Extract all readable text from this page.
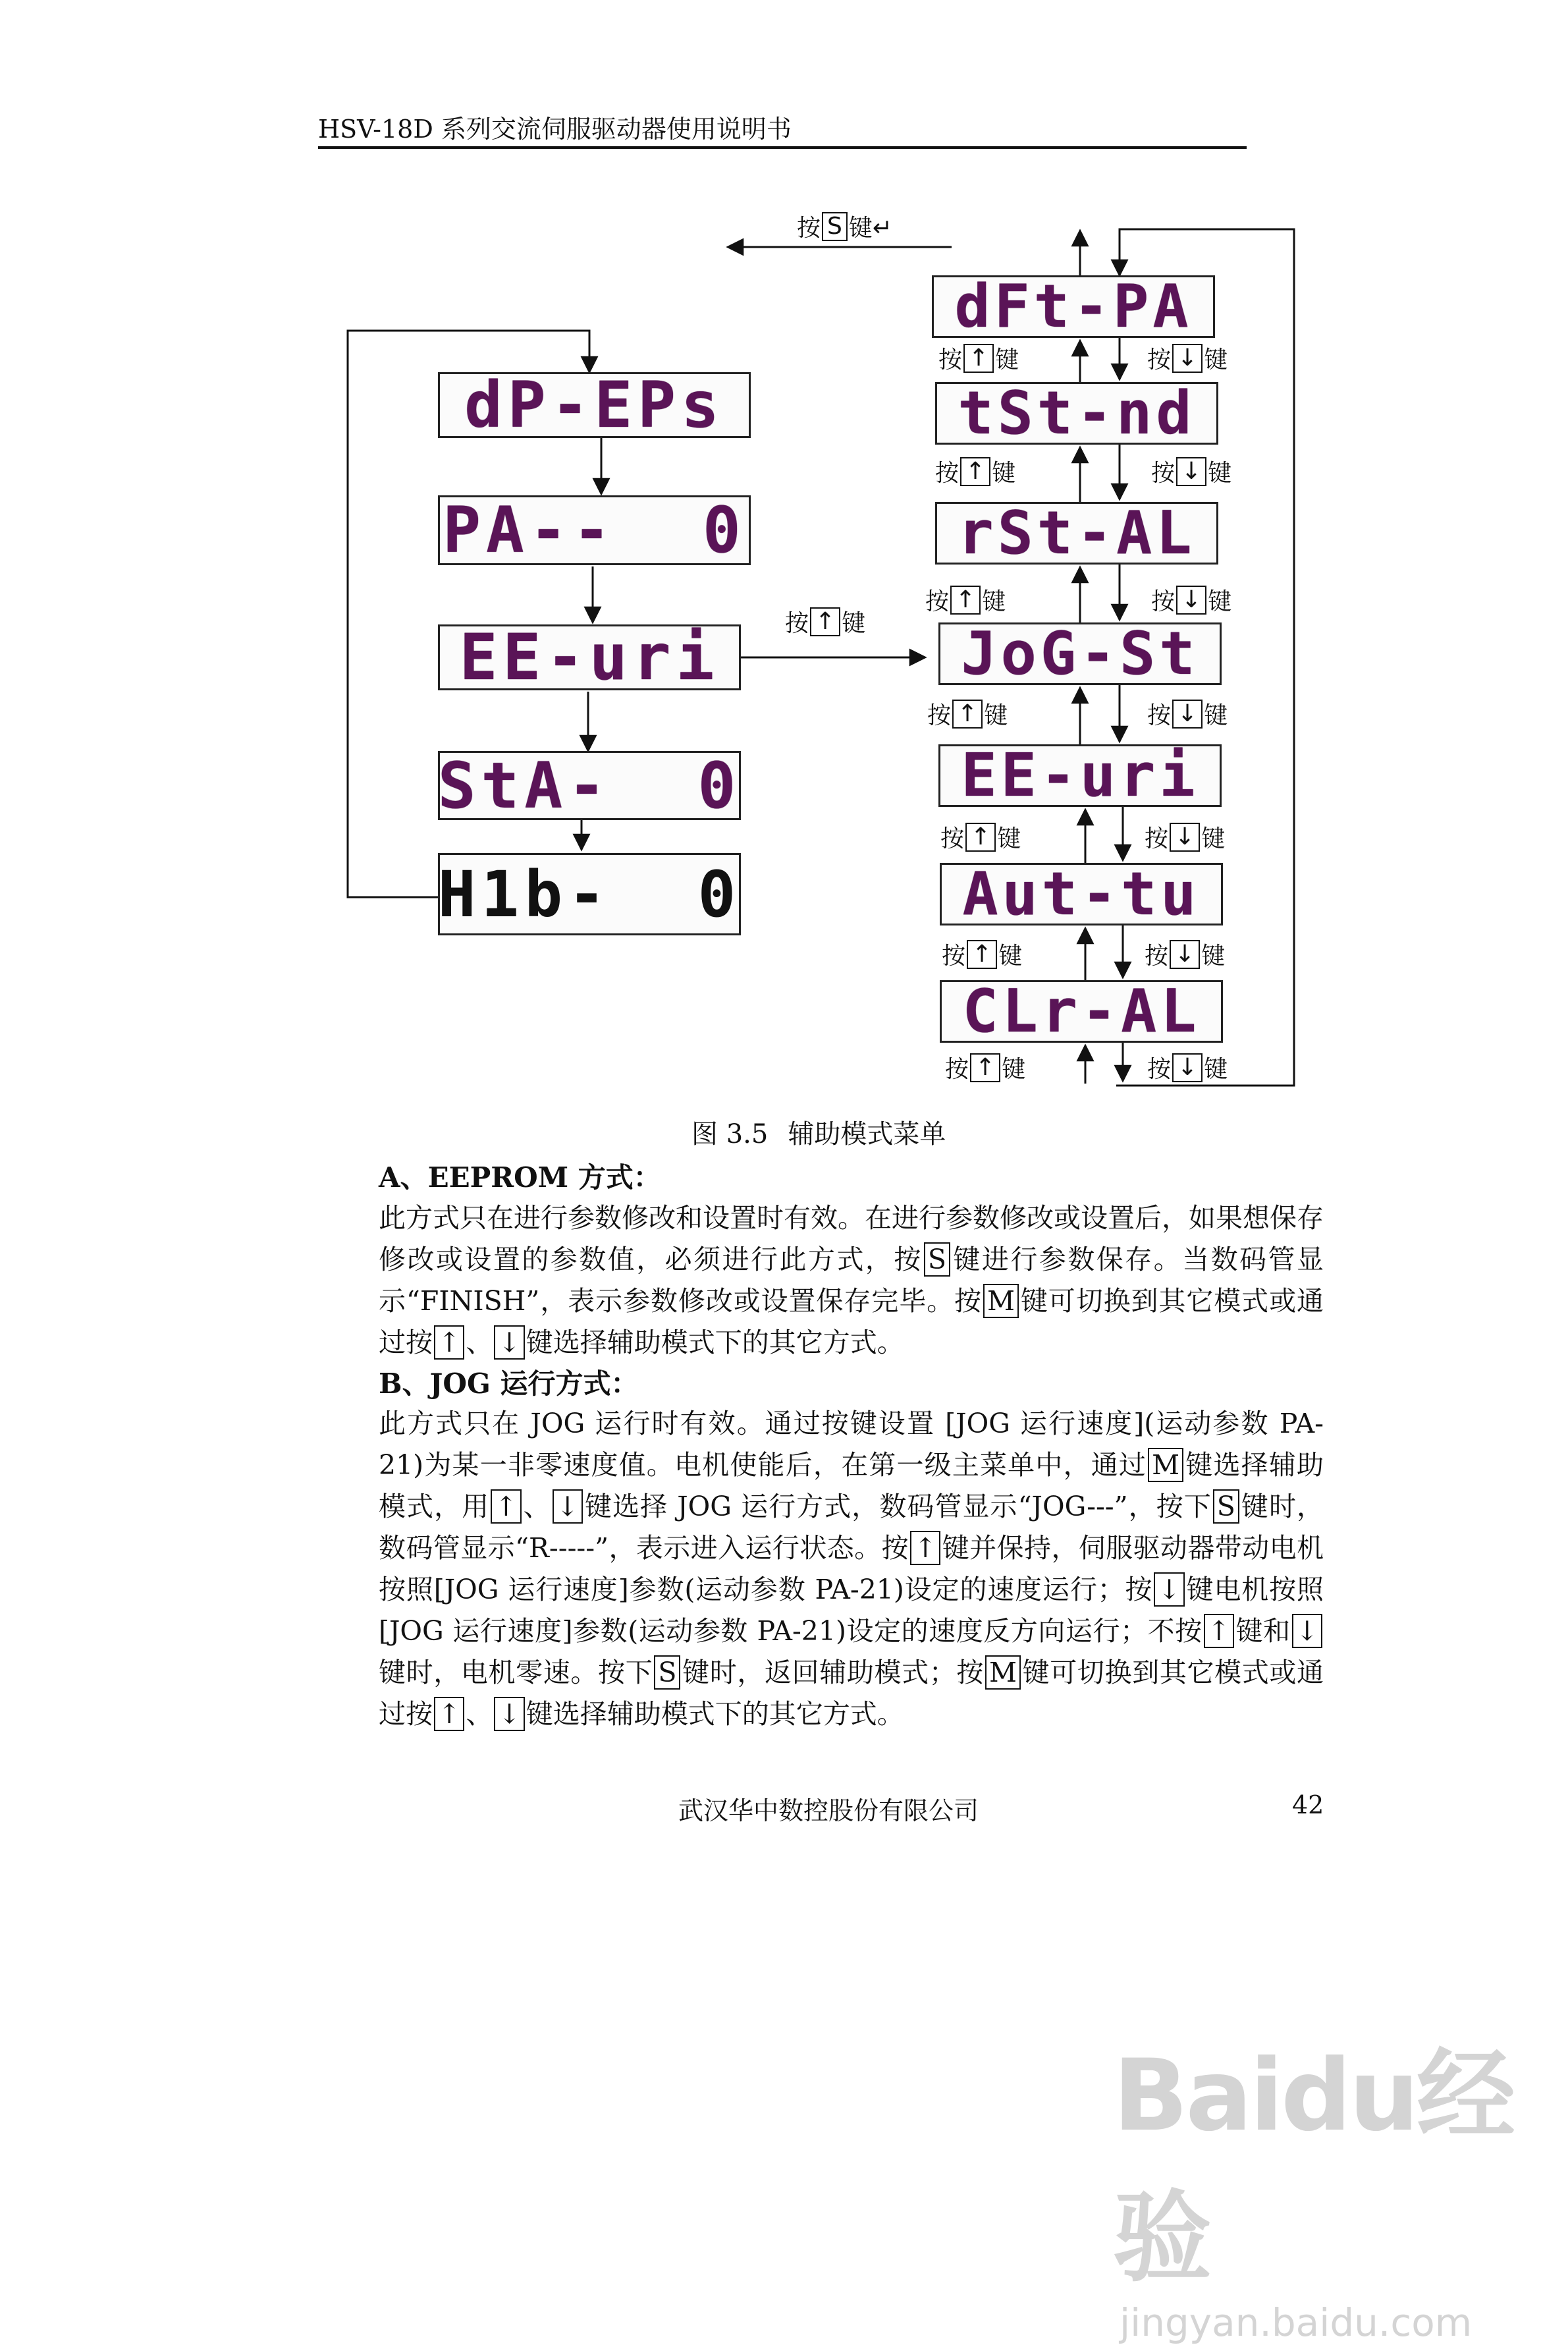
HSV-18D 系列交流伺服驱动器使用说明书
按 S 键↵
按 ↑ 键
dP-EPs
PA--  0
EE-uri
StA-  0
H1b-  0
dFt-PA
tSt-nd
rSt-AL
JoG-St
EE-uri
Aut-tu
CLr-AL
按 ↑ 键	按 ↓ 键
按 ↑ 键	按 ↓ 键
按 ↑ 键	按 ↓ 键
按 ↑ 键	按 ↓ 键
按 ↑ 键	按 ↓ 键
按 ↑ 键	按 ↓ 键
按 ↑ 键	按 ↓ 键
图 3.5 辅助模式菜单
A、EEPROM 方式：
此方式只在进行参数修改和设置时有效。在进行参数修改或设置后，如果想保存修改或设置的参数值，必须进行此方式，按 S 键进行参数保存。当数码管显示“FINISH”，表示参数修改或设置保存完毕。按 M 键可切换到其它模式或通过按 ↑ 、 ↓ 键选择辅助模式下的其它方式。
B、JOG 运行方式：
此方式只在 JOG 运行时有效。通过按键设置 [JOG 运行速度](运动参数 PA-21)为某一非零速度值。电机使能后，在第一级主菜单中，通过 M 键选择辅助模式，用 ↑ 、 ↓ 键选择 JOG 运行方式，数码管显示“JOG---”，按下 S 键时，数码管显示“R-----”，表示进入运行状态。按 ↑ 键并保持，伺服驱动器带动电机按照[JOG 运行速度]参数(运动参数 PA-21)设定的速度运行；按 ↓ 键电机按照[JOG 运行速度]参数(运动参数 PA-21)设定的速度反方向运行；不按 ↑ 键和 ↓键时，电机零速。按下 S 键时，返回辅助模式；按 M 键可切换到其它模式或通过按 ↑ 、 ↓ 键选择辅助模式下的其它方式。
武汉华中数控股份有限公司	42
Baidu经验
jingyan.baidu.com
